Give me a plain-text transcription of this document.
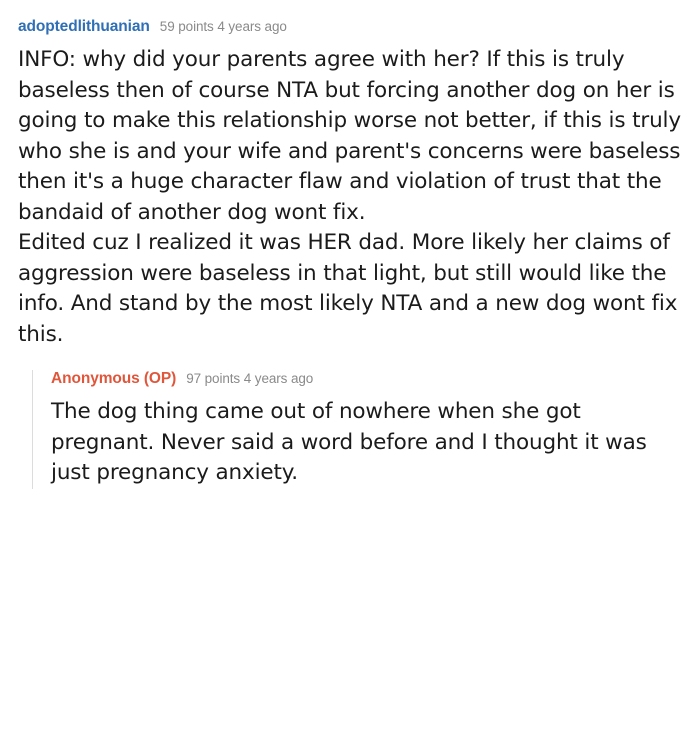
adoptedlithuanian 59 points 4 years ago

INFO: why did your parents agree with her? If this is truly baseless then of course NTA but forcing another dog on her is going to make this relationship worse not better, if this is truly who she is and your wife and parent's concerns were baseless then it's a huge character flaw and violation of trust that the bandaid of another dog wont fix.

Edited cuz I realized it was HER dad. More likely her claims of aggression were baseless in that light, but still would like the info. And stand by the most likely NTA and a new dog wont fix this.

Anonymous (OP) 97 points 4 years ago

The dog thing came out of nowhere when she got pregnant. Never said a word before and I thought it was just pregnancy anxiety.
